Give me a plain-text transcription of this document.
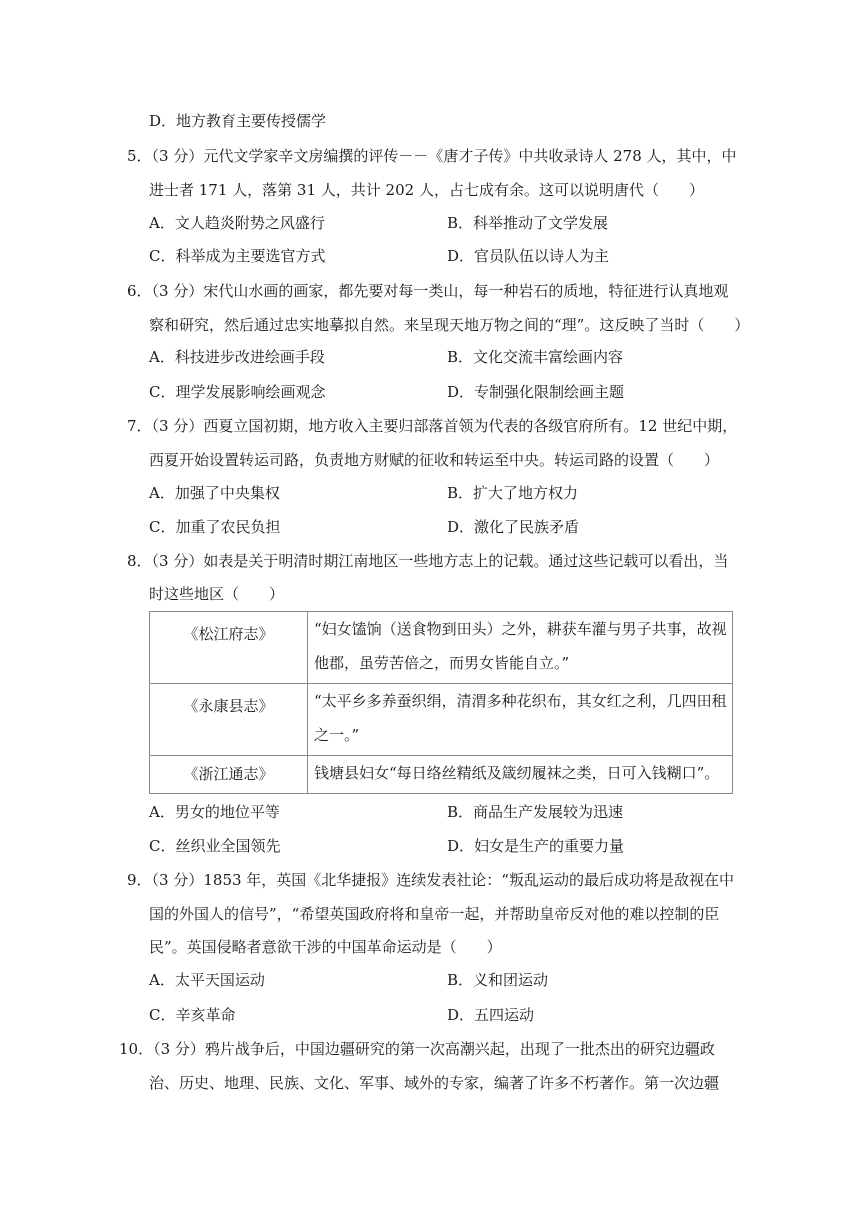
D．地方教育主要传授儒学
5．（3 分）元代文学家辛文房编撰的评传－－《唐才子传》中共收录诗人 278 人，其中，中
进士者 171 人，落第 31 人，共计 202 人，占七成有余。这可以说明唐代（　　）
A．文人趋炎附势之风盛行	B．科举推动了文学发展
C．科举成为主要选官方式	D．官员队伍以诗人为主
6．（3 分）宋代山水画的画家，都先要对每一类山，每一种岩石的质地，特征进行认真地观
察和研究，然后通过忠实地摹拟自然。来呈现天地万物之间的“理”。这反映了当时（　　）
A．科技进步改进绘画手段	B．文化交流丰富绘画内容
C．理学发展影响绘画观念	D．专制强化限制绘画主题
7．（3 分）西夏立国初期，地方收入主要归部落首领为代表的各级官府所有。12 世纪中期，
西夏开始设置转运司路，负责地方财赋的征收和转运至中央。转运司路的设置（　　）
A．加强了中央集权	B．扩大了地方权力
C．加重了农民负担	D．激化了民族矛盾
8．（3 分）如表是关于明清时期江南地区一些地方志上的记载。通过这些记载可以看出，当
时这些地区（　　）
《松江府志》	“妇女馌饷（送食物到田头）之外，耕获车灌与男子共事，故视他郡，虽劳苦倍之，而男女皆能自立。”

《永康县志》	“太平乡多养蚕织绢，清渭多种花织布，其女红之利，几四田租之一。”

《浙江通志》	钱塘县妇女“每日络丝精纸及箴纫履袜之类，日可入钱糊口”。
A．男女的地位平等	B．商品生产发展较为迅速
C．丝织业全国领先	D．妇女是生产的重要力量
9．（3 分）1853 年，英国《北华捷报》连续发表社论：“叛乱运动的最后成功将是敌视在中
国的外国人的信号”，“希望英国政府将和皇帝一起，并帮助皇帝反对他的难以控制的臣
民”。英国侵略者意欲干涉的中国革命运动是（　　）
A．太平天国运动	B．义和团运动
C．辛亥革命	D．五四运动
10．（3 分）鸦片战争后，中国边疆研究的第一次高潮兴起，出现了一批杰出的研究边疆政
治、历史、地理、民族、文化、军事、域外的专家，编著了许多不朽著作。第一次边疆
